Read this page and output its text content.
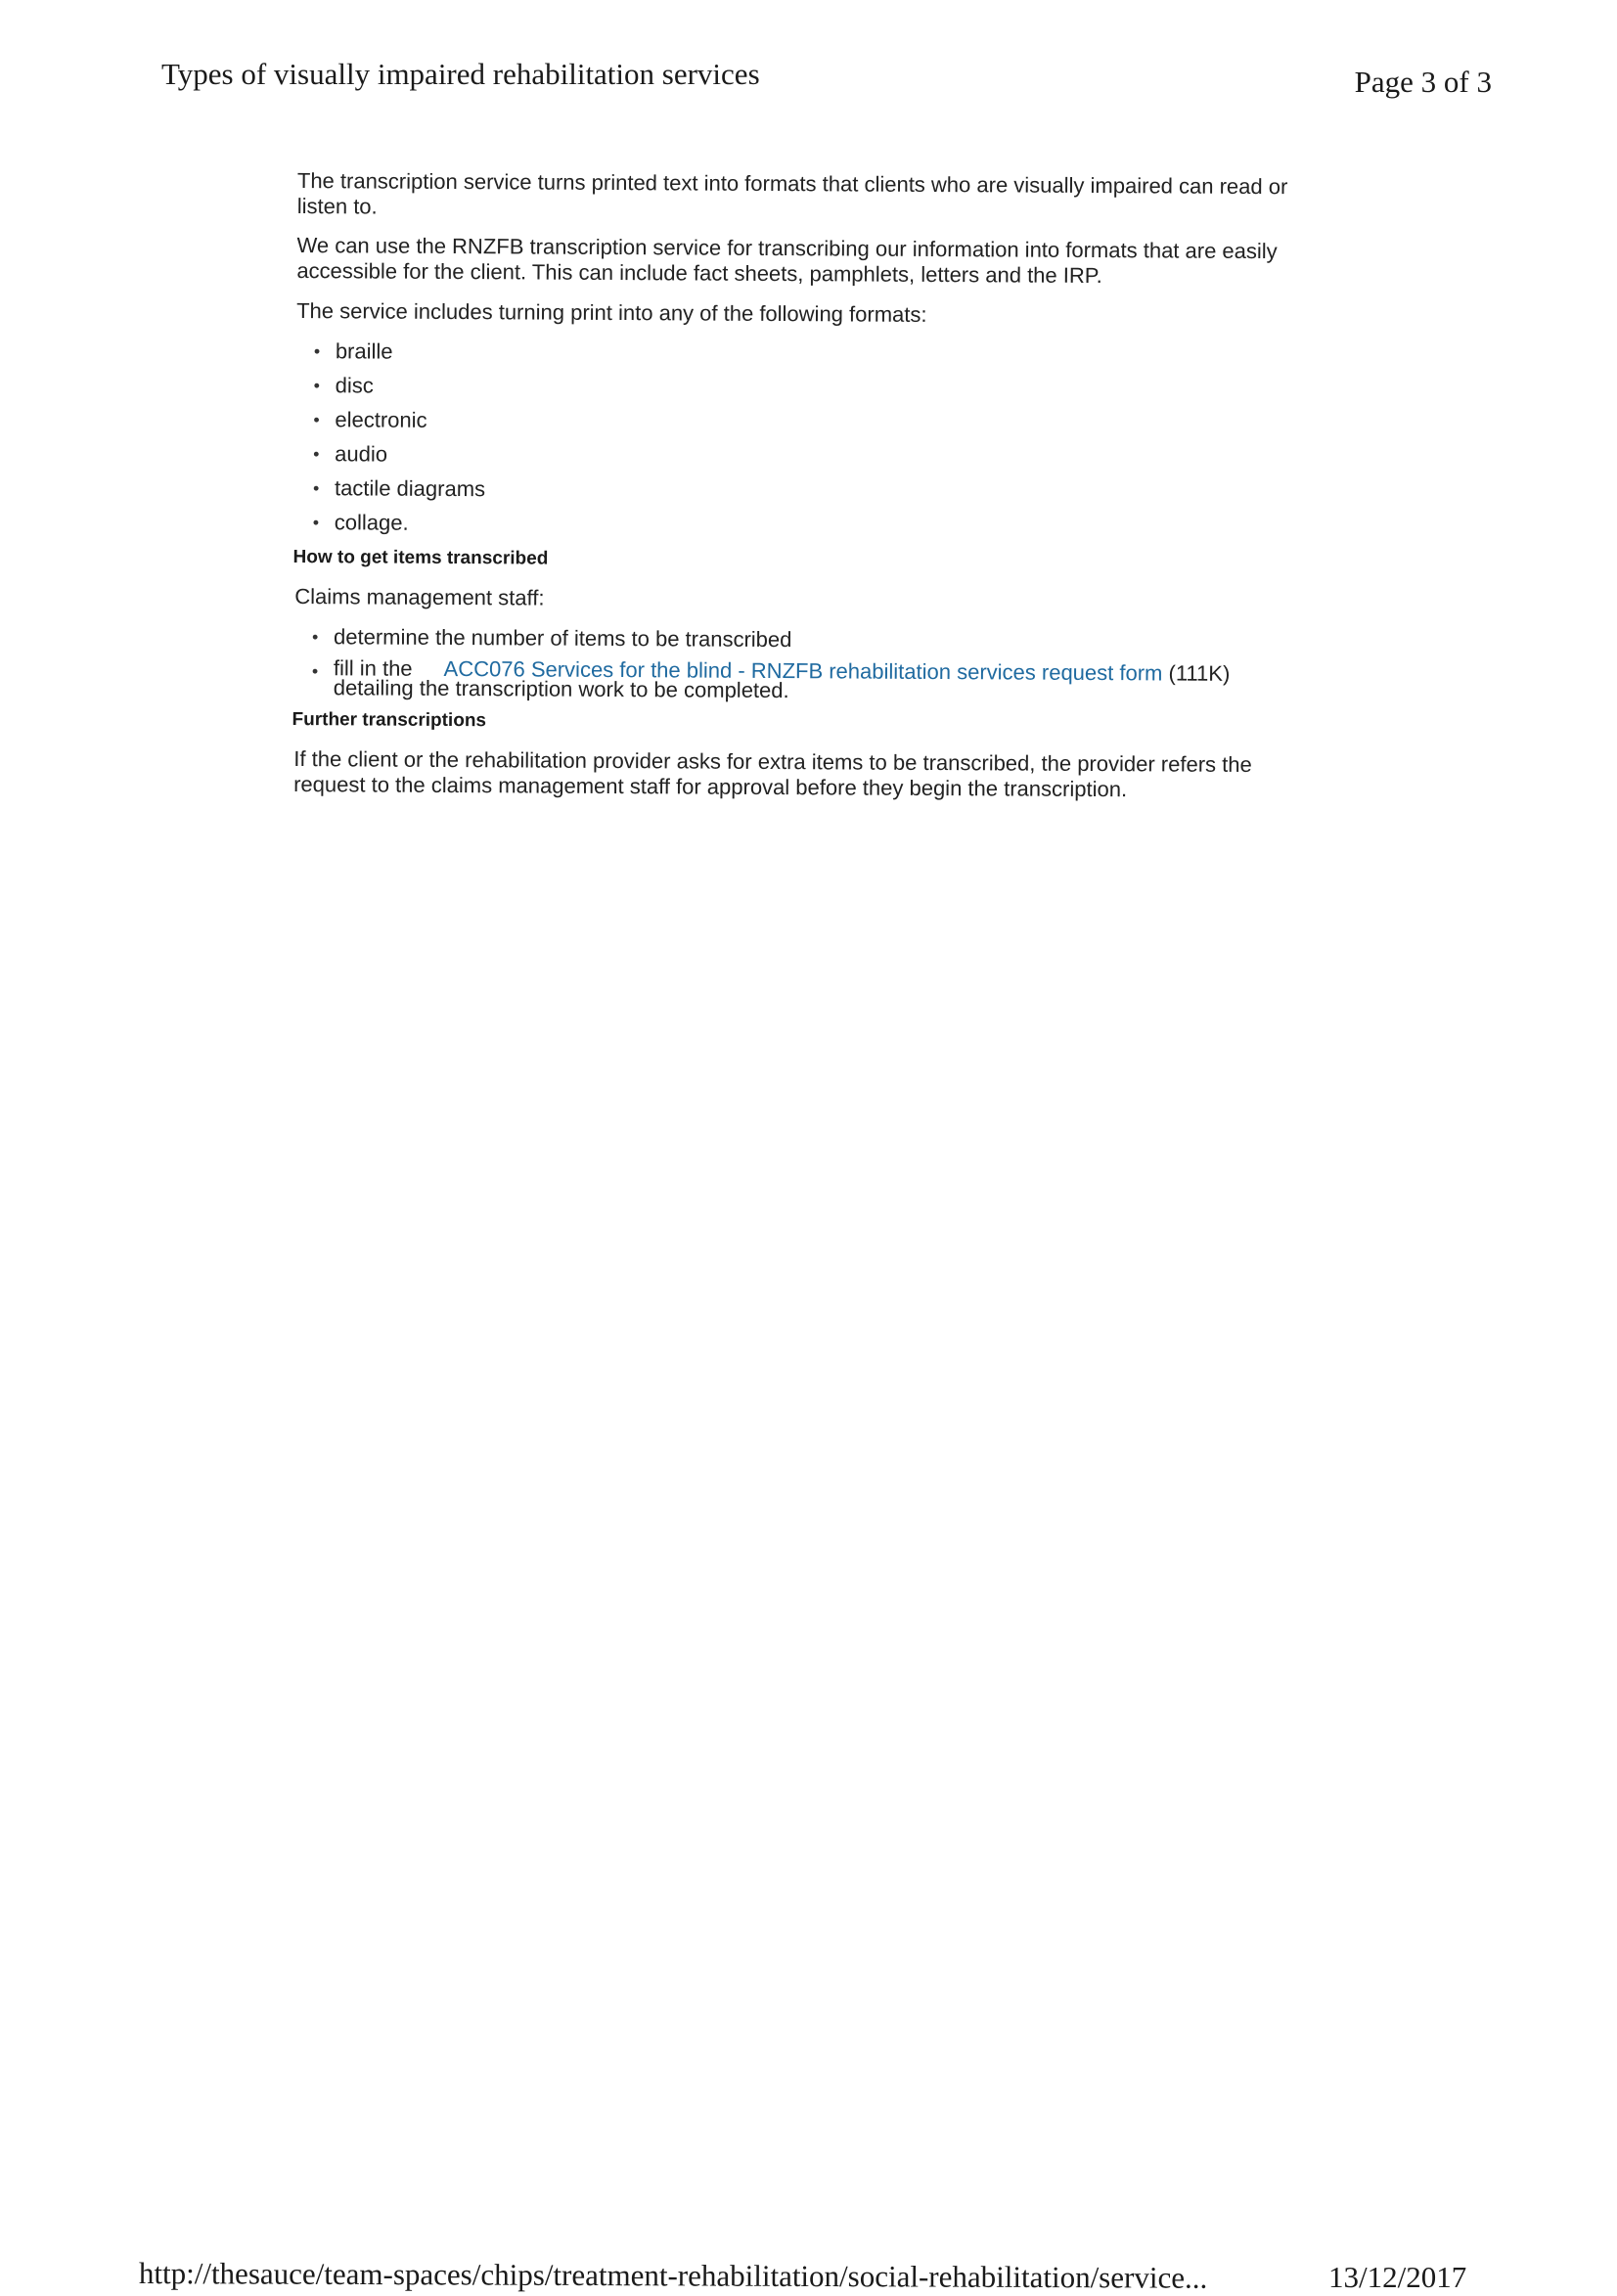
Types of visually impaired rehabilitation services	Page 3 of 3

The transcription service turns printed text into formats that clients who are visually impaired can read or listen to.

We can use the RNZFB transcription service for transcribing our information into formats that are easily accessible for the client. This can include fact sheets, pamphlets, letters and the IRP.

The service includes turning print into any of the following formats:

• braille
• disc
• electronic
• audio
• tactile diagrams
• collage.
How to get items transcribed

Claims management staff:

• determine the number of items to be transcribed
• fill in the ACC076 Services for the blind - RNZFB rehabilitation services request form (111K)
detailing the transcription work to be completed.
Further transcriptions

If the client or the rehabilitation provider asks for extra items to be transcribed, the provider refers the request to the claims management staff for approval before they begin the transcription.

http://thesauce/team-spaces/chips/treatment-rehabilitation/social-rehabilitation/service...	13/12/2017
